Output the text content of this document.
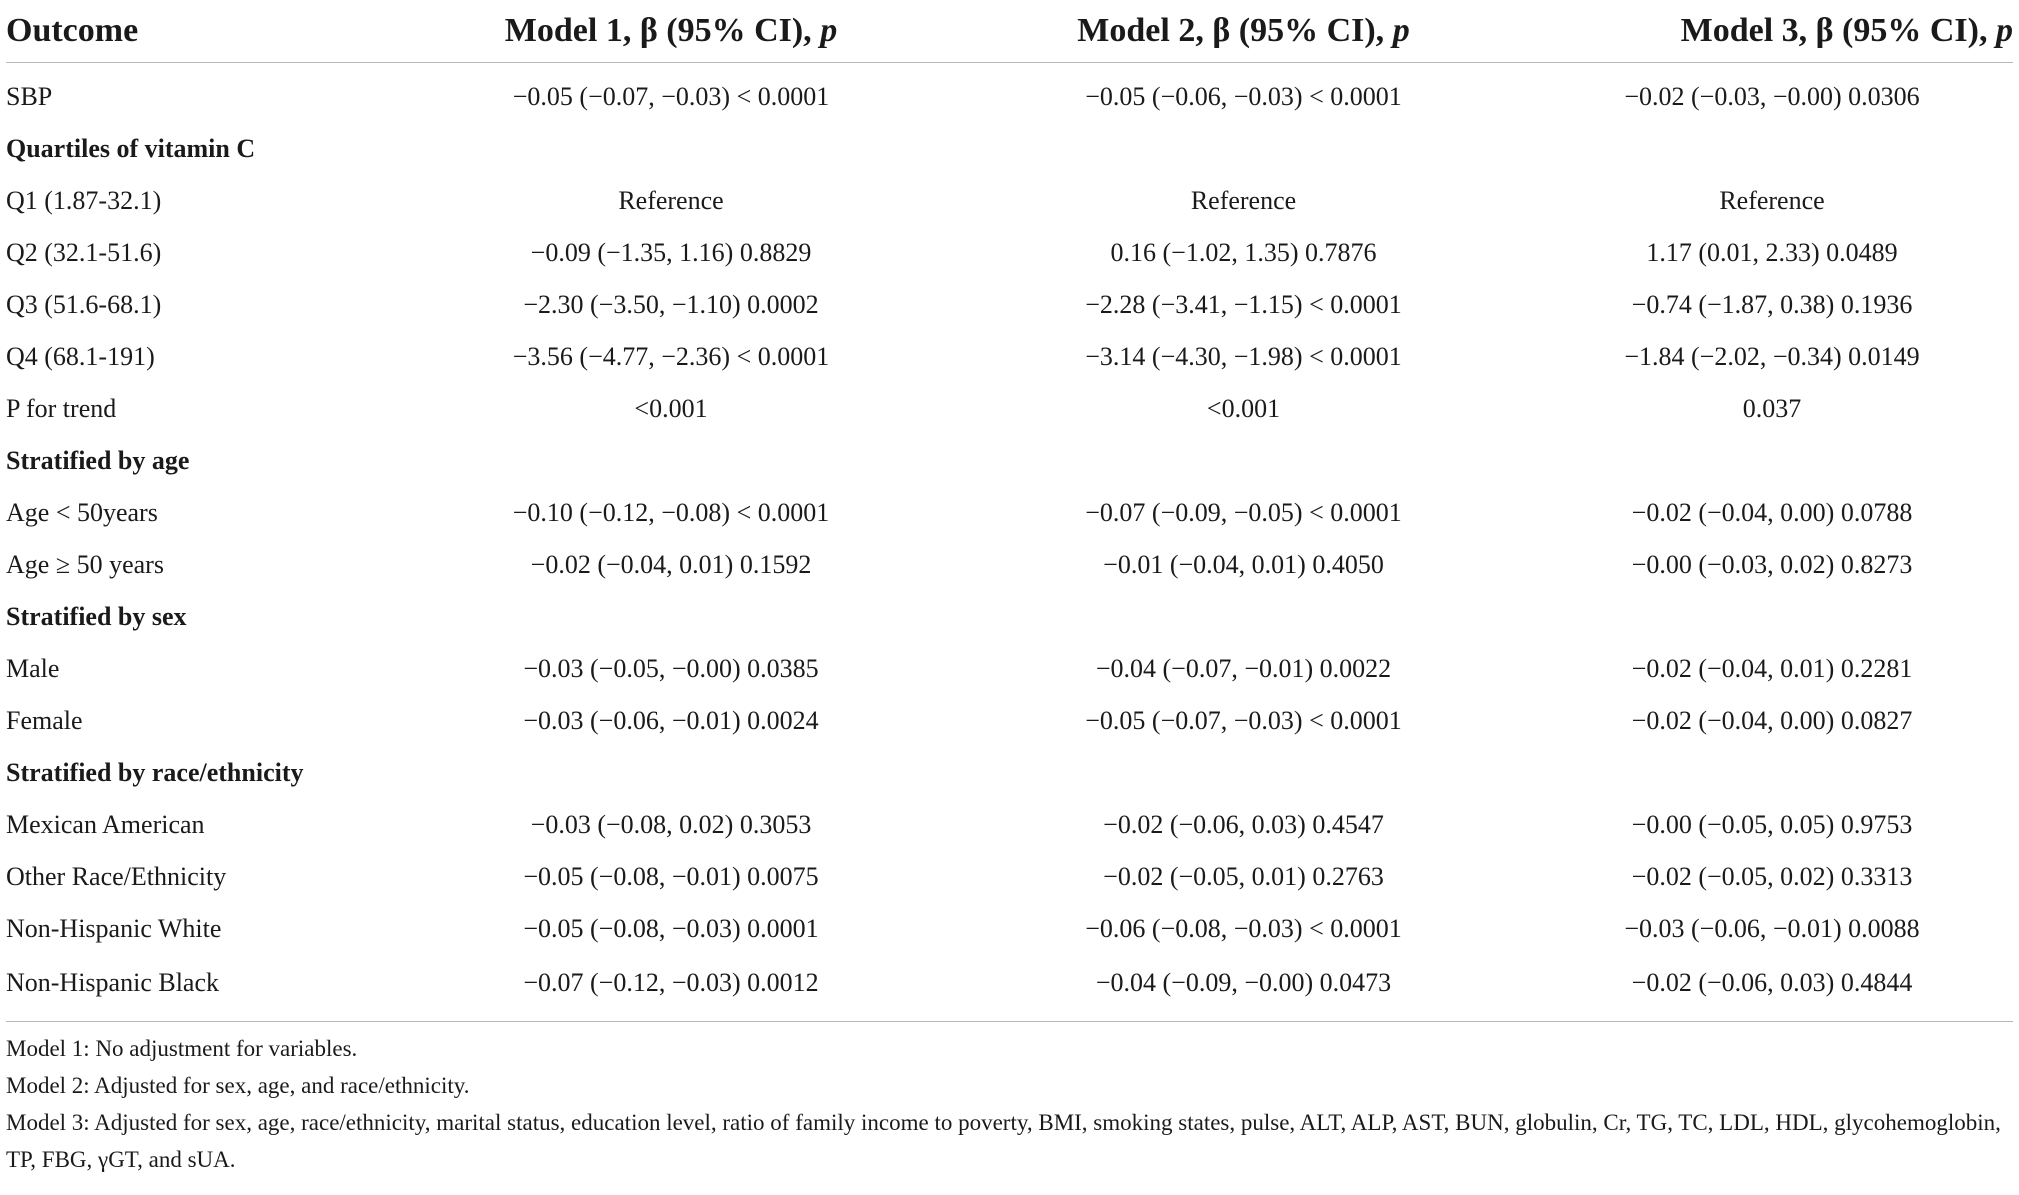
Outcome	Model 1, β (95% CI), p	Model 2, β (95% CI), p	Model 3, β (95% CI), p
SBP	−0.05 (−0.07, −0.03) < 0.0001	−0.05 (−0.06, −0.03) < 0.0001	−0.02 (−0.03, −0.00) 0.0306
Quartiles of vitamin C			
Q1 (1.87-32.1)	Reference	Reference	Reference
Q2 (32.1-51.6)	−0.09 (−1.35, 1.16) 0.8829	0.16 (−1.02, 1.35) 0.7876	1.17 (0.01, 2.33) 0.0489
Q3 (51.6-68.1)	−2.30 (−3.50, −1.10) 0.0002	−2.28 (−3.41, −1.15) < 0.0001	−0.74 (−1.87, 0.38) 0.1936
Q4 (68.1-191)	−3.56 (−4.77, −2.36) < 0.0001	−3.14 (−4.30, −1.98) < 0.0001	−1.84 (−2.02, −0.34) 0.0149
P for trend	<0.001	<0.001	0.037
Stratified by age			
Age < 50years	−0.10 (−0.12, −0.08) < 0.0001	−0.07 (−0.09, −0.05) < 0.0001	−0.02 (−0.04, 0.00) 0.0788
Age ≥ 50 years	−0.02 (−0.04, 0.01) 0.1592	−0.01 (−0.04, 0.01) 0.4050	−0.00 (−0.03, 0.02) 0.8273
Stratified by sex			
Male	−0.03 (−0.05, −0.00) 0.0385	−0.04 (−0.07, −0.01) 0.0022	−0.02 (−0.04, 0.01) 0.2281
Female	−0.03 (−0.06, −0.01) 0.0024	−0.05 (−0.07, −0.03) < 0.0001	−0.02 (−0.04, 0.00) 0.0827
Stratified by race/ethnicity			
Mexican American	−0.03 (−0.08, 0.02) 0.3053	−0.02 (−0.06, 0.03) 0.4547	−0.00 (−0.05, 0.05) 0.9753
Other Race/Ethnicity	−0.05 (−0.08, −0.01) 0.0075	−0.02 (−0.05, 0.01) 0.2763	−0.02 (−0.05, 0.02) 0.3313
Non-Hispanic White	−0.05 (−0.08, −0.03) 0.0001	−0.06 (−0.08, −0.03) < 0.0001	−0.03 (−0.06, −0.01) 0.0088
Non-Hispanic Black	−0.07 (−0.12, −0.03) 0.0012	−0.04 (−0.09, −0.00) 0.0473	−0.02 (−0.06, 0.03) 0.4844

Model 1: No adjustment for variables.

Model 2: Adjusted for sex, age, and race/ethnicity.

Model 3: Adjusted for sex, age, race/ethnicity, marital status, education level, ratio of family income to poverty, BMI, smoking states, pulse, ALT, ALP, AST, BUN, globulin, Cr, TG, TC, LDL, HDL, glycohemoglobin, TP, FBG, γGT, and sUA.
